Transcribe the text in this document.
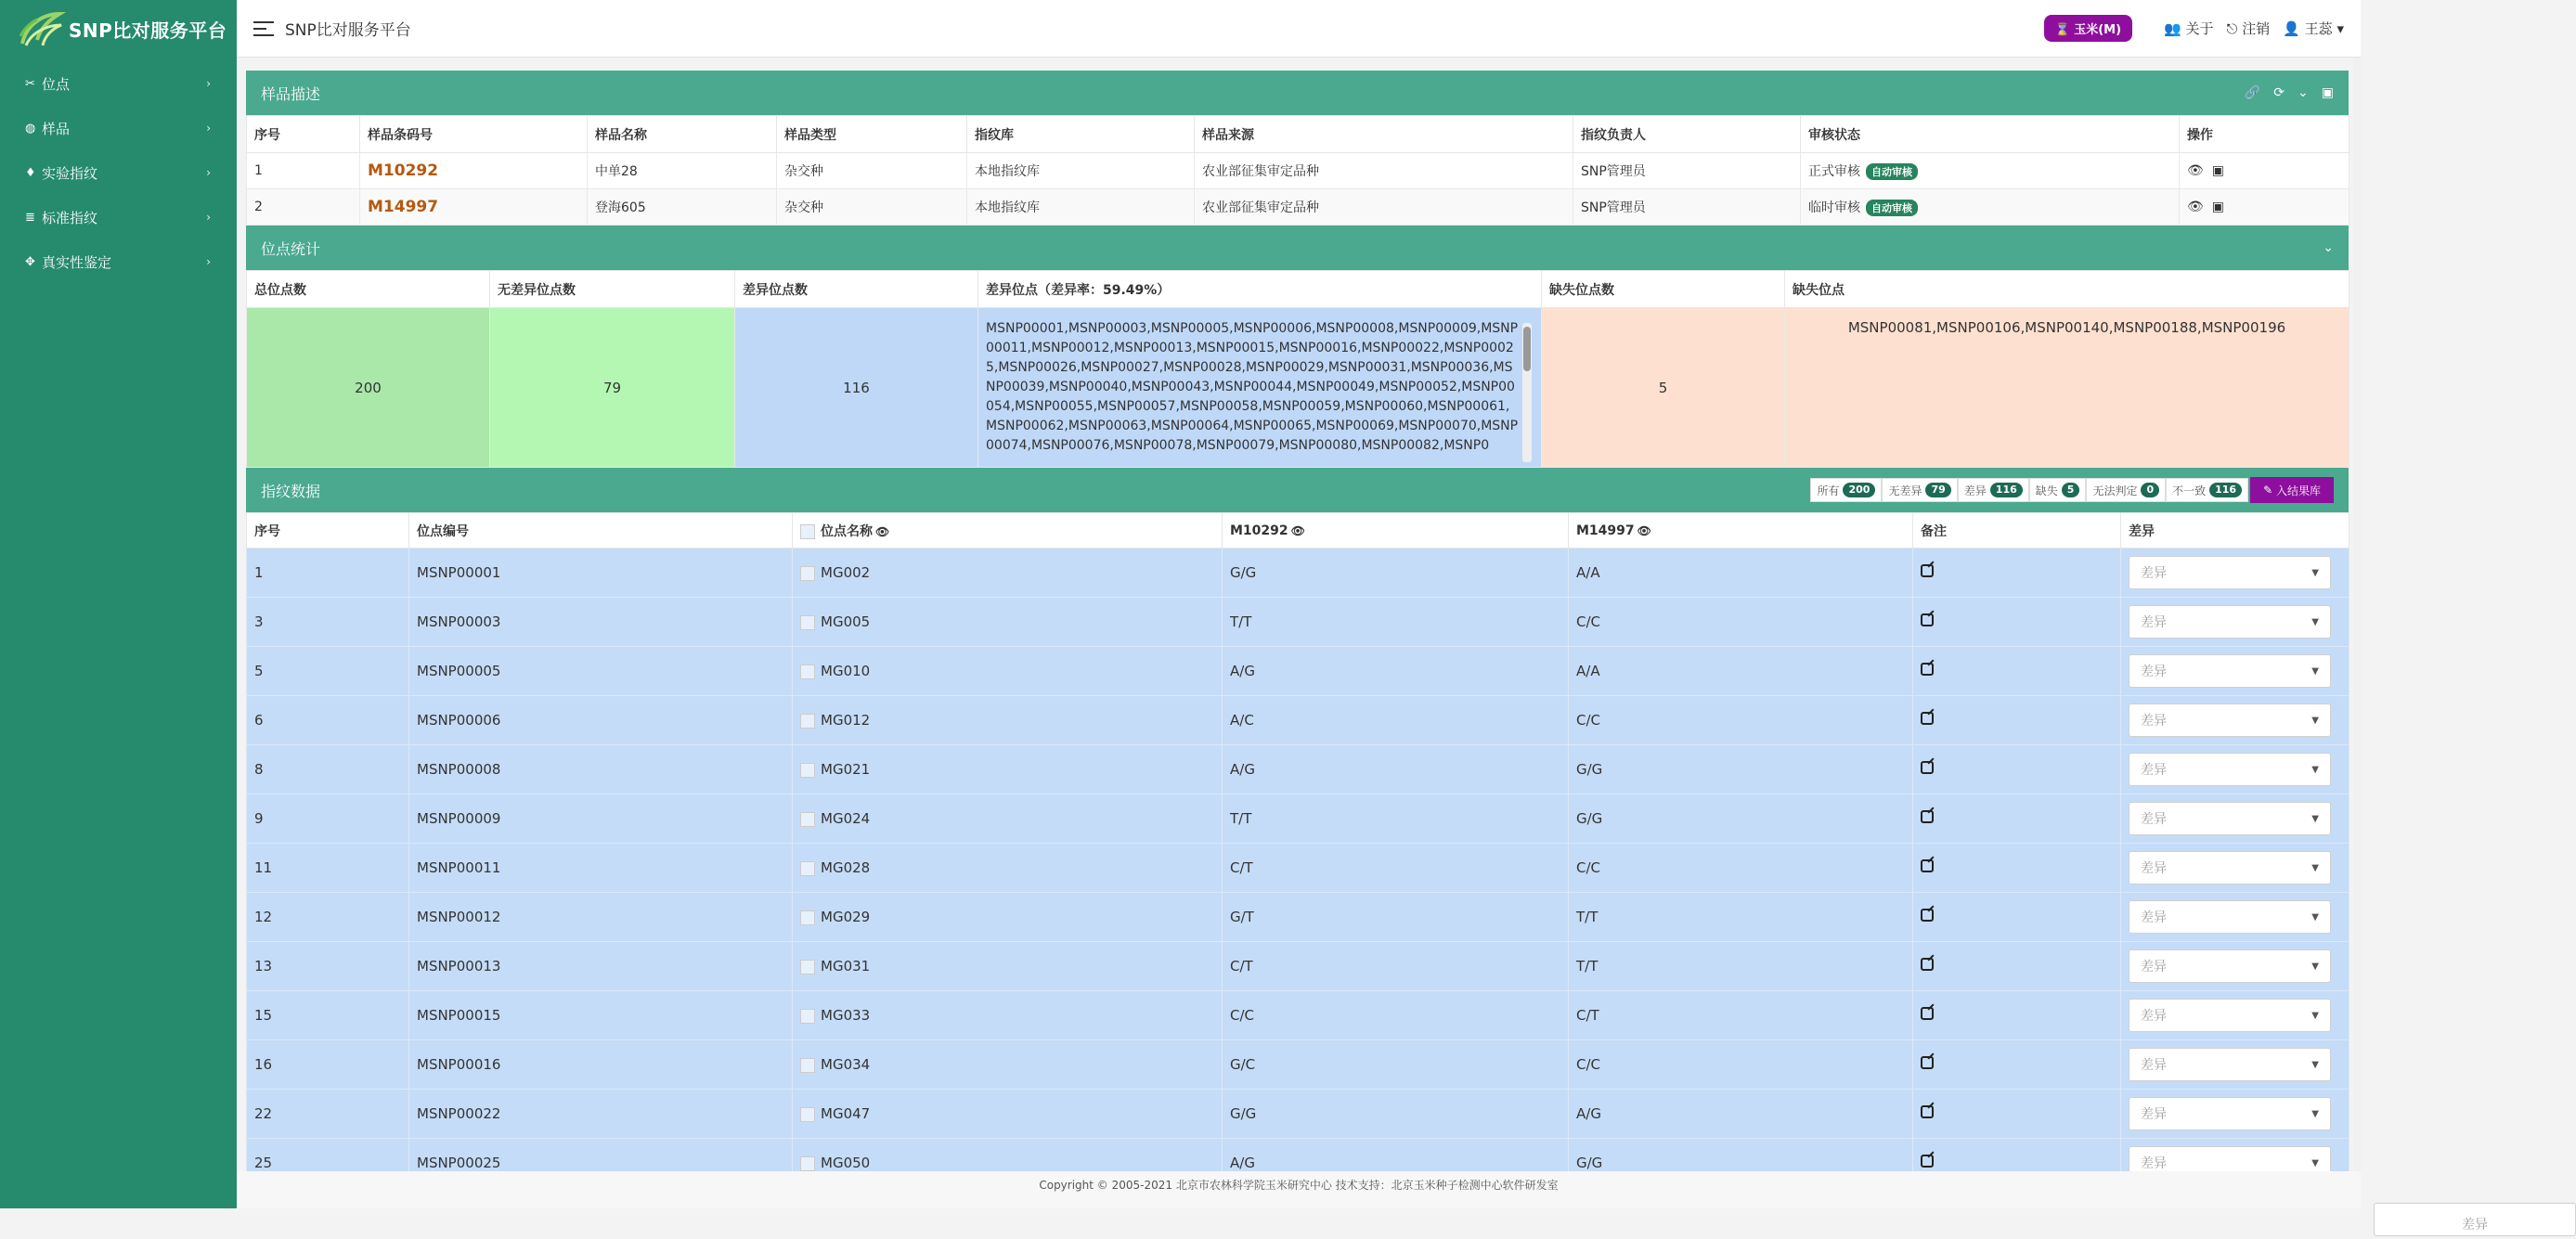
SNP比对服务平台
✂ 位点	›
◍ 样品	›
♦ 实验指纹	›
≣ 标准指纹	›
✥ 真实性鉴定	›
SNP比对服务平台	⌛ 玉米(M)	👥 关于 ⎋ 注销 👤 王蕊 ▾
样品描述	🔗 ⟳ ⌄ ▣
序号	样品条码号	样品名称	样品类型	指纹库	样品来源	指纹负责人	审核状态	操作
1	M10292	中单28	杂交种	本地指纹库	农业部征集审定品种	SNP管理员	正式审核 自动审核	👁 ▣
2	M14997	登海605	杂交种	本地指纹库	农业部征集审定品种	SNP管理员	临时审核 自动审核	👁 ▣
位点统计	⌄
总位点数	无差异位点数	差异位点数	差异位点（差异率：59.49%）	缺失位点数	缺失位点
200	79	116	MSNP00001,MSNP00003,MSNP00005,MSNP00006,MSNP00008,MSNP00009,MSNP00011,MSNP00012,MSNP00013,MSNP00015,MSNP00016,MSNP00022,MSNP00025,MSNP00026,MSNP00027,MSNP00028,MSNP00029,MSNP00031,MSNP00036,MSNP00039,MSNP00040,MSNP00043,MSNP00044,MSNP00049,MSNP00052,MSNP00054,MSNP00055,MSNP00057,MSNP00058,MSNP00059,MSNP00060,MSNP00061,MSNP00062,MSNP00063,MSNP00064,MSNP00065,MSNP00069,MSNP00070,MSNP00074,MSNP00076,MSNP00078,MSNP00079,MSNP00080,MSNP00082,MSNP0	5	MSNP00081,MSNP00106,MSNP00140,MSNP00188,MSNP00196
指纹数据	所有 200	无差异 79	差异 116	缺失 5	无法判定 0	不一致 116	✎
入结果库
序号	位点编号	位点名称 👁	M10292 👁	M14997 👁	备注	差异
1	MSNP00001	MG002	G/G	A/A		差异 ▼

3	MSNP00003	MG005	T/T	C/C		差异 ▼

5	MSNP00005	MG010	A/G	A/A		差异 ▼

6	MSNP00006	MG012	A/C	C/C		差异 ▼

8	MSNP00008	MG021	A/G	G/G		差异 ▼

9	MSNP00009	MG024	T/T	G/G		差异 ▼

11	MSNP00011	MG028	C/T	C/C		差异 ▼

12	MSNP00012	MG029	G/T	T/T		差异 ▼

13	MSNP00013	MG031	C/T	T/T		差异 ▼

15	MSNP00015	MG033	C/C	C/T		差异 ▼

16	MSNP00016	MG034	G/C	C/C		差异 ▼

22	MSNP00022	MG047	G/G	A/G		差异 ▼

25	MSNP00025	MG050	A/G	G/G		差异 ▼
Copyright © 2005-2021 北京市农林科学院玉米研究中心 技术支持：北京玉米种子检测中心软件研发室
差异
